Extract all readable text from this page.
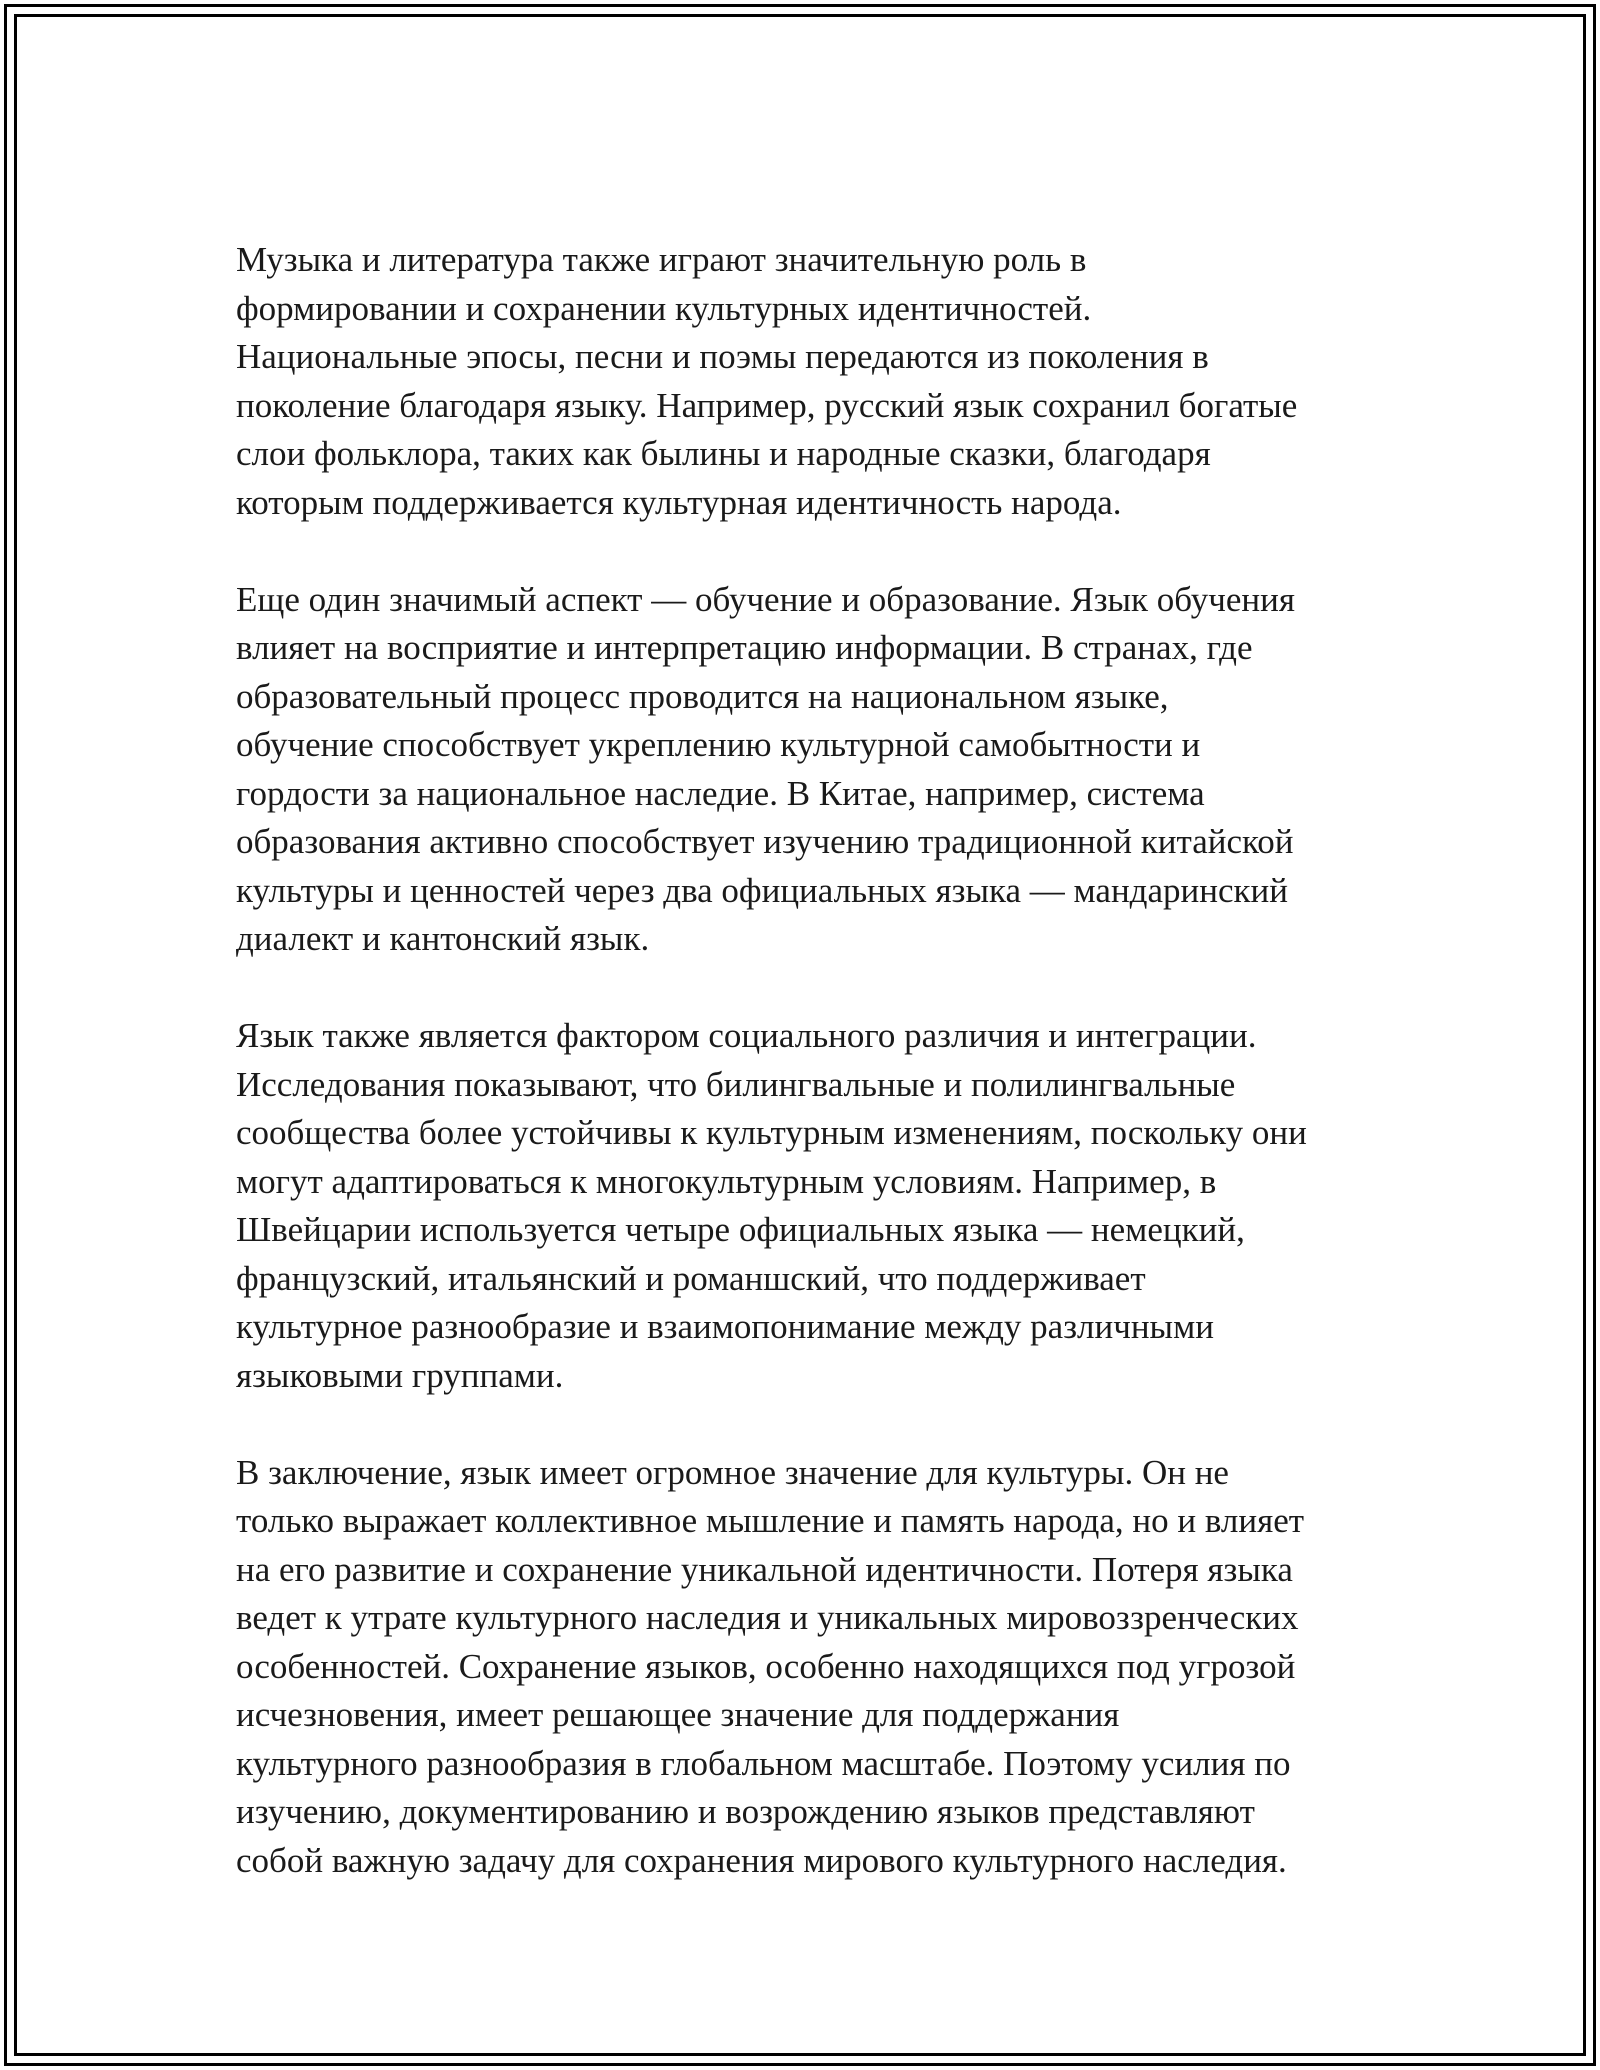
Музыка и литература также играют значительную роль в
формировании и сохранении культурных идентичностей.
Национальные эпосы, песни и поэмы передаются из поколения в
поколение благодаря языку. Например, русский язык сохранил богатые
слои фольклора, таких как былины и народные сказки, благодаря
которым поддерживается культурная идентичность народа.

Еще один значимый аспект — обучение и образование. Язык обучения
влияет на восприятие и интерпретацию информации. В странах, где
образовательный процесс проводится на национальном языке,
обучение способствует укреплению культурной самобытности и
гордости за национальное наследие. В Китае, например, система
образования активно способствует изучению традиционной китайской
культуры и ценностей через два официальных языка — мандаринский
диалект и кантонский язык.

Язык также является фактором социального различия и интеграции.
Исследования показывают, что билингвальные и полилингвальные
сообщества более устойчивы к культурным изменениям, поскольку они
могут адаптироваться к многокультурным условиям. Например, в
Швейцарии используется четыре официальных языка — немецкий,
французский, итальянский и романшский, что поддерживает
культурное разнообразие и взаимопонимание между различными
языковыми группами.

В заключение, язык имеет огромное значение для культуры. Он не
только выражает коллективное мышление и память народа, но и влияет
на его развитие и сохранение уникальной идентичности. Потеря языка
ведет к утрате культурного наследия и уникальных мировоззренческих
особенностей. Сохранение языков, особенно находящихся под угрозой
исчезновения, имеет решающее значение для поддержания
культурного разнообразия в глобальном масштабе. Поэтому усилия по
изучению, документированию и возрождению языков представляют
собой важную задачу для сохранения мирового культурного наследия.
